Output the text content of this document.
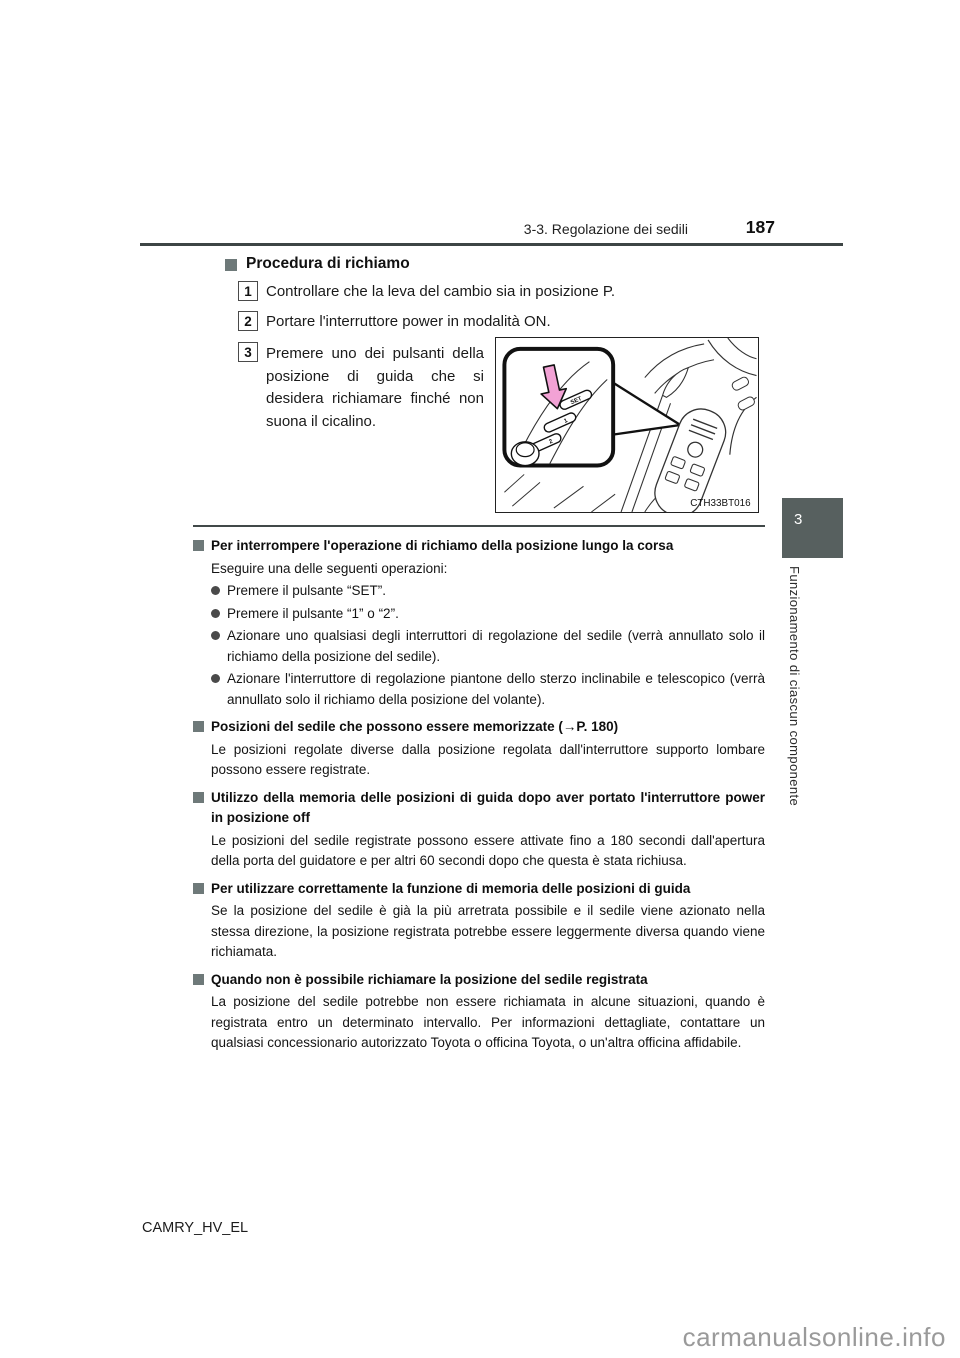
3-3. Regolazione dei sedili	187
Procedura di richiamo
1 Controllare che la leva del cambio sia in posizione P.
2 Portare l'interruttore power in modalità ON.
3 Premere uno dei pulsanti della posizione di guida che si desidera richiamare finché non suona il cicalino.
SET
1
2
CTH33BT016
Per interrompere l'operazione di richiamo della posizione lungo la corsa
Eseguire una delle seguenti operazioni:
Premere il pulsante “SET”.
Premere il pulsante “1” o “2”.
Azionare uno qualsiasi degli interruttori di regolazione del sedile (verrà annullato solo il richiamo della posizione del sedile).
Azionare l'interruttore di regolazione piantone dello sterzo inclinabile e telescopico (verrà annullato solo il richiamo della posizione del volante).
Posizioni del sedile che possono essere memorizzate (→P. 180)
Le posizioni regolate diverse dalla posizione regolata dall'interruttore supporto lombare possono essere registrate.
Utilizzo della memoria delle posizioni di guida dopo aver portato l'interruttore power in posizione off
Le posizioni del sedile registrate possono essere attivate fino a 180 secondi dall'apertura della porta del guidatore e per altri 60 secondi dopo che questa è stata richiusa.
Per utilizzare correttamente la funzione di memoria delle posizioni di guida
Se la posizione del sedile è già la più arretrata possibile e il sedile viene azionato nella stessa direzione, la posizione registrata potrebbe essere leggermente diversa quando viene richiamata.
Quando non è possibile richiamare la posizione del sedile registrata
La posizione del sedile potrebbe non essere richiamata in alcune situazioni, quando è registrata entro un determinato intervallo. Per informazioni dettagliate, contattare un qualsiasi concessionario autorizzato Toyota o officina Toyota, o un'altra officina affidabile.
3
Funzionamento di ciascun componente
CAMRY_HV_EL
carmanualsonline.info
